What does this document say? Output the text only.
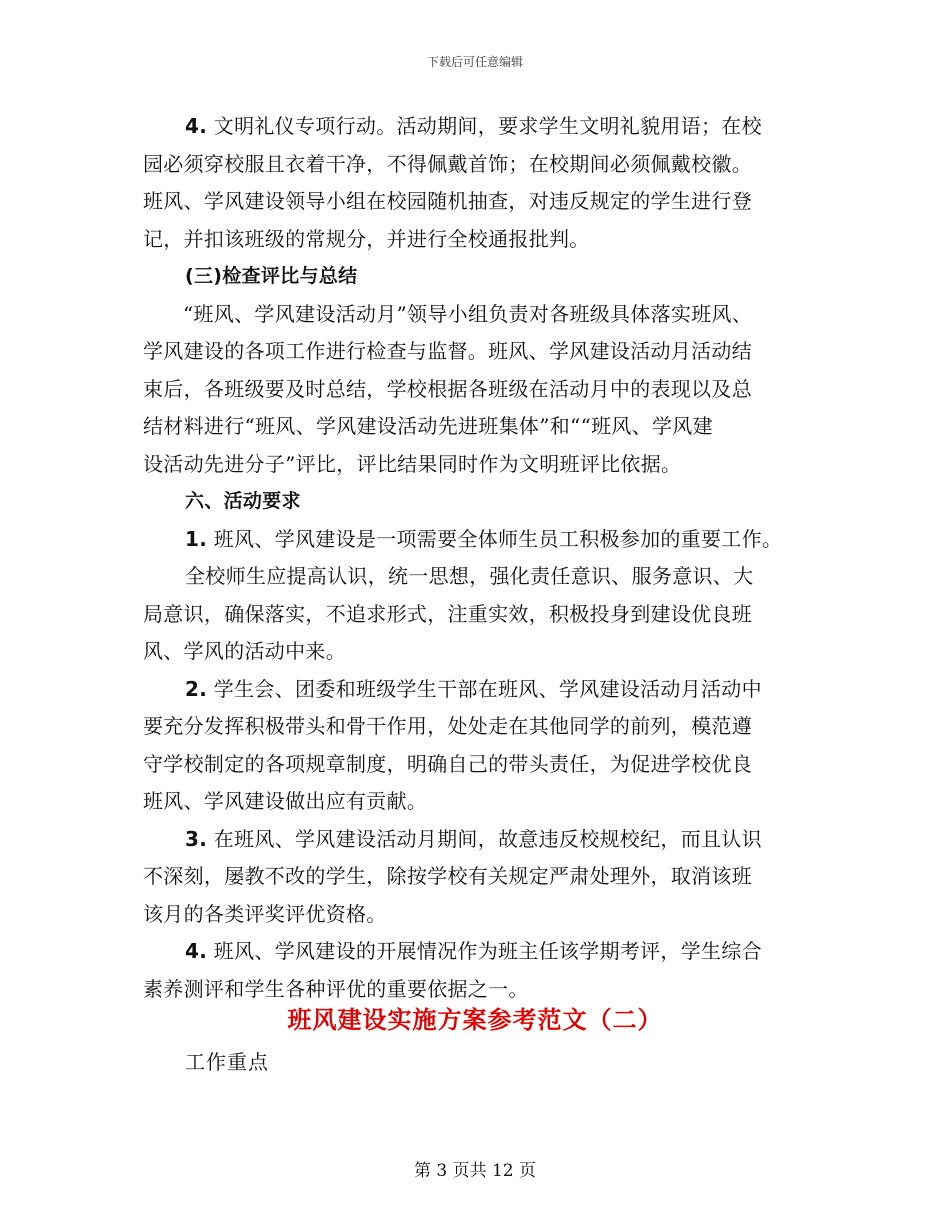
下载后可任意编辑
4. 文明礼仪专项行动。活动期间，要求学生文明礼貌用语；在校
园必须穿校服且衣着干净，不得佩戴首饰；在校期间必须佩戴校徽。
班风、学风建设领导小组在校园随机抽查，对违反规定的学生进行登
记，并扣该班级的常规分，并进行全校通报批判。
(三)检查评比与总结
“班风、学风建设活动月”领导小组负责对各班级具体落实班风、
学风建设的各项工作进行检查与监督。班风、学风建设活动月活动结
束后，各班级要及时总结，学校根据各班级在活动月中的表现以及总
结材料进行“班风、学风建设活动先进班集体”和““班风、学风建
设活动先进分子”评比，评比结果同时作为文明班评比依据。
六、活动要求
1. 班风、学风建设是一项需要全体师生员工积极参加的重要工作。
全校师生应提高认识，统一思想，强化责任意识、服务意识、大
局意识，确保落实，不追求形式，注重实效，积极投身到建设优良班
风、学风的活动中来。
2. 学生会、团委和班级学生干部在班风、学风建设活动月活动中
要充分发挥积极带头和骨干作用，处处走在其他同学的前列，模范遵
守学校制定的各项规章制度，明确自己的带头责任，为促进学校优良
班风、学风建设做出应有贡献。
3. 在班风、学风建设活动月期间，故意违反校规校纪，而且认识
不深刻，屡教不改的学生，除按学校有关规定严肃处理外，取消该班
该月的各类评奖评优资格。
4. 班风、学风建设的开展情况作为班主任该学期考评，学生综合
素养测评和学生各种评优的重要依据之一。
班风建设实施方案参考范文（二）
工作重点
第 3 页共 12 页
